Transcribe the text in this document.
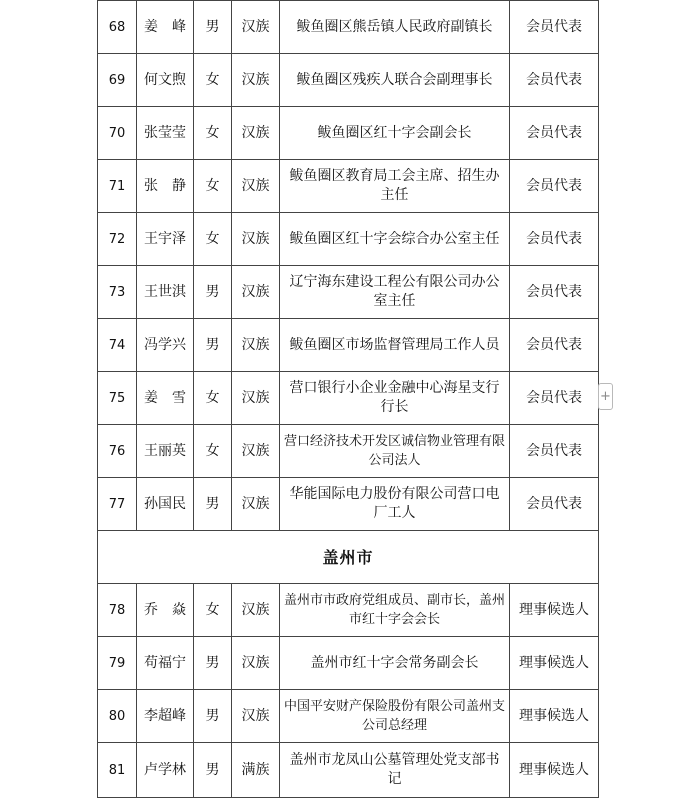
68	姜　峰	男	汉族	鲅鱼圈区熊岳镇人民政府副镇长	会员代表
69	何文煦	女	汉族	鲅鱼圈区残疾人联合会副理事长	会员代表
70	张莹莹	女	汉族	鲅鱼圈区红十字会副会长	会员代表
71	张　静	女	汉族	鲅鱼圈区教育局工会主席、招生办主任	会员代表
72	王宇泽	女	汉族	鲅鱼圈区红十字会综合办公室主任	会员代表
73	王世淇	男	汉族	辽宁海东建设工程公有限公司办公室主任	会员代表
74	冯学兴	男	汉族	鲅鱼圈区市场监督管理局工作人员	会员代表
75	姜　雪	女	汉族	营口银行小企业金融中心海星支行行长	会员代表
76	王丽英	女	汉族	营口经济技术开发区诚信物业管理有限公司法人	会员代表
77	孙国民	男	汉族	华能国际电力股份有限公司营口电厂工人	会员代表
盖州市					
78	乔　焱	女	汉族	盖州市市政府党组成员、副市长，盖州市红十字会会长	理事候选人
79	苟福宁	男	汉族	盖州市红十字会常务副会长	理事候选人
80	李超峰	男	汉族	中国平安财产保险股份有限公司盖州支公司总经理	理事候选人
81	卢学林	男	满族	盖州市龙凤山公墓管理处党支部书记	理事候选人
+
